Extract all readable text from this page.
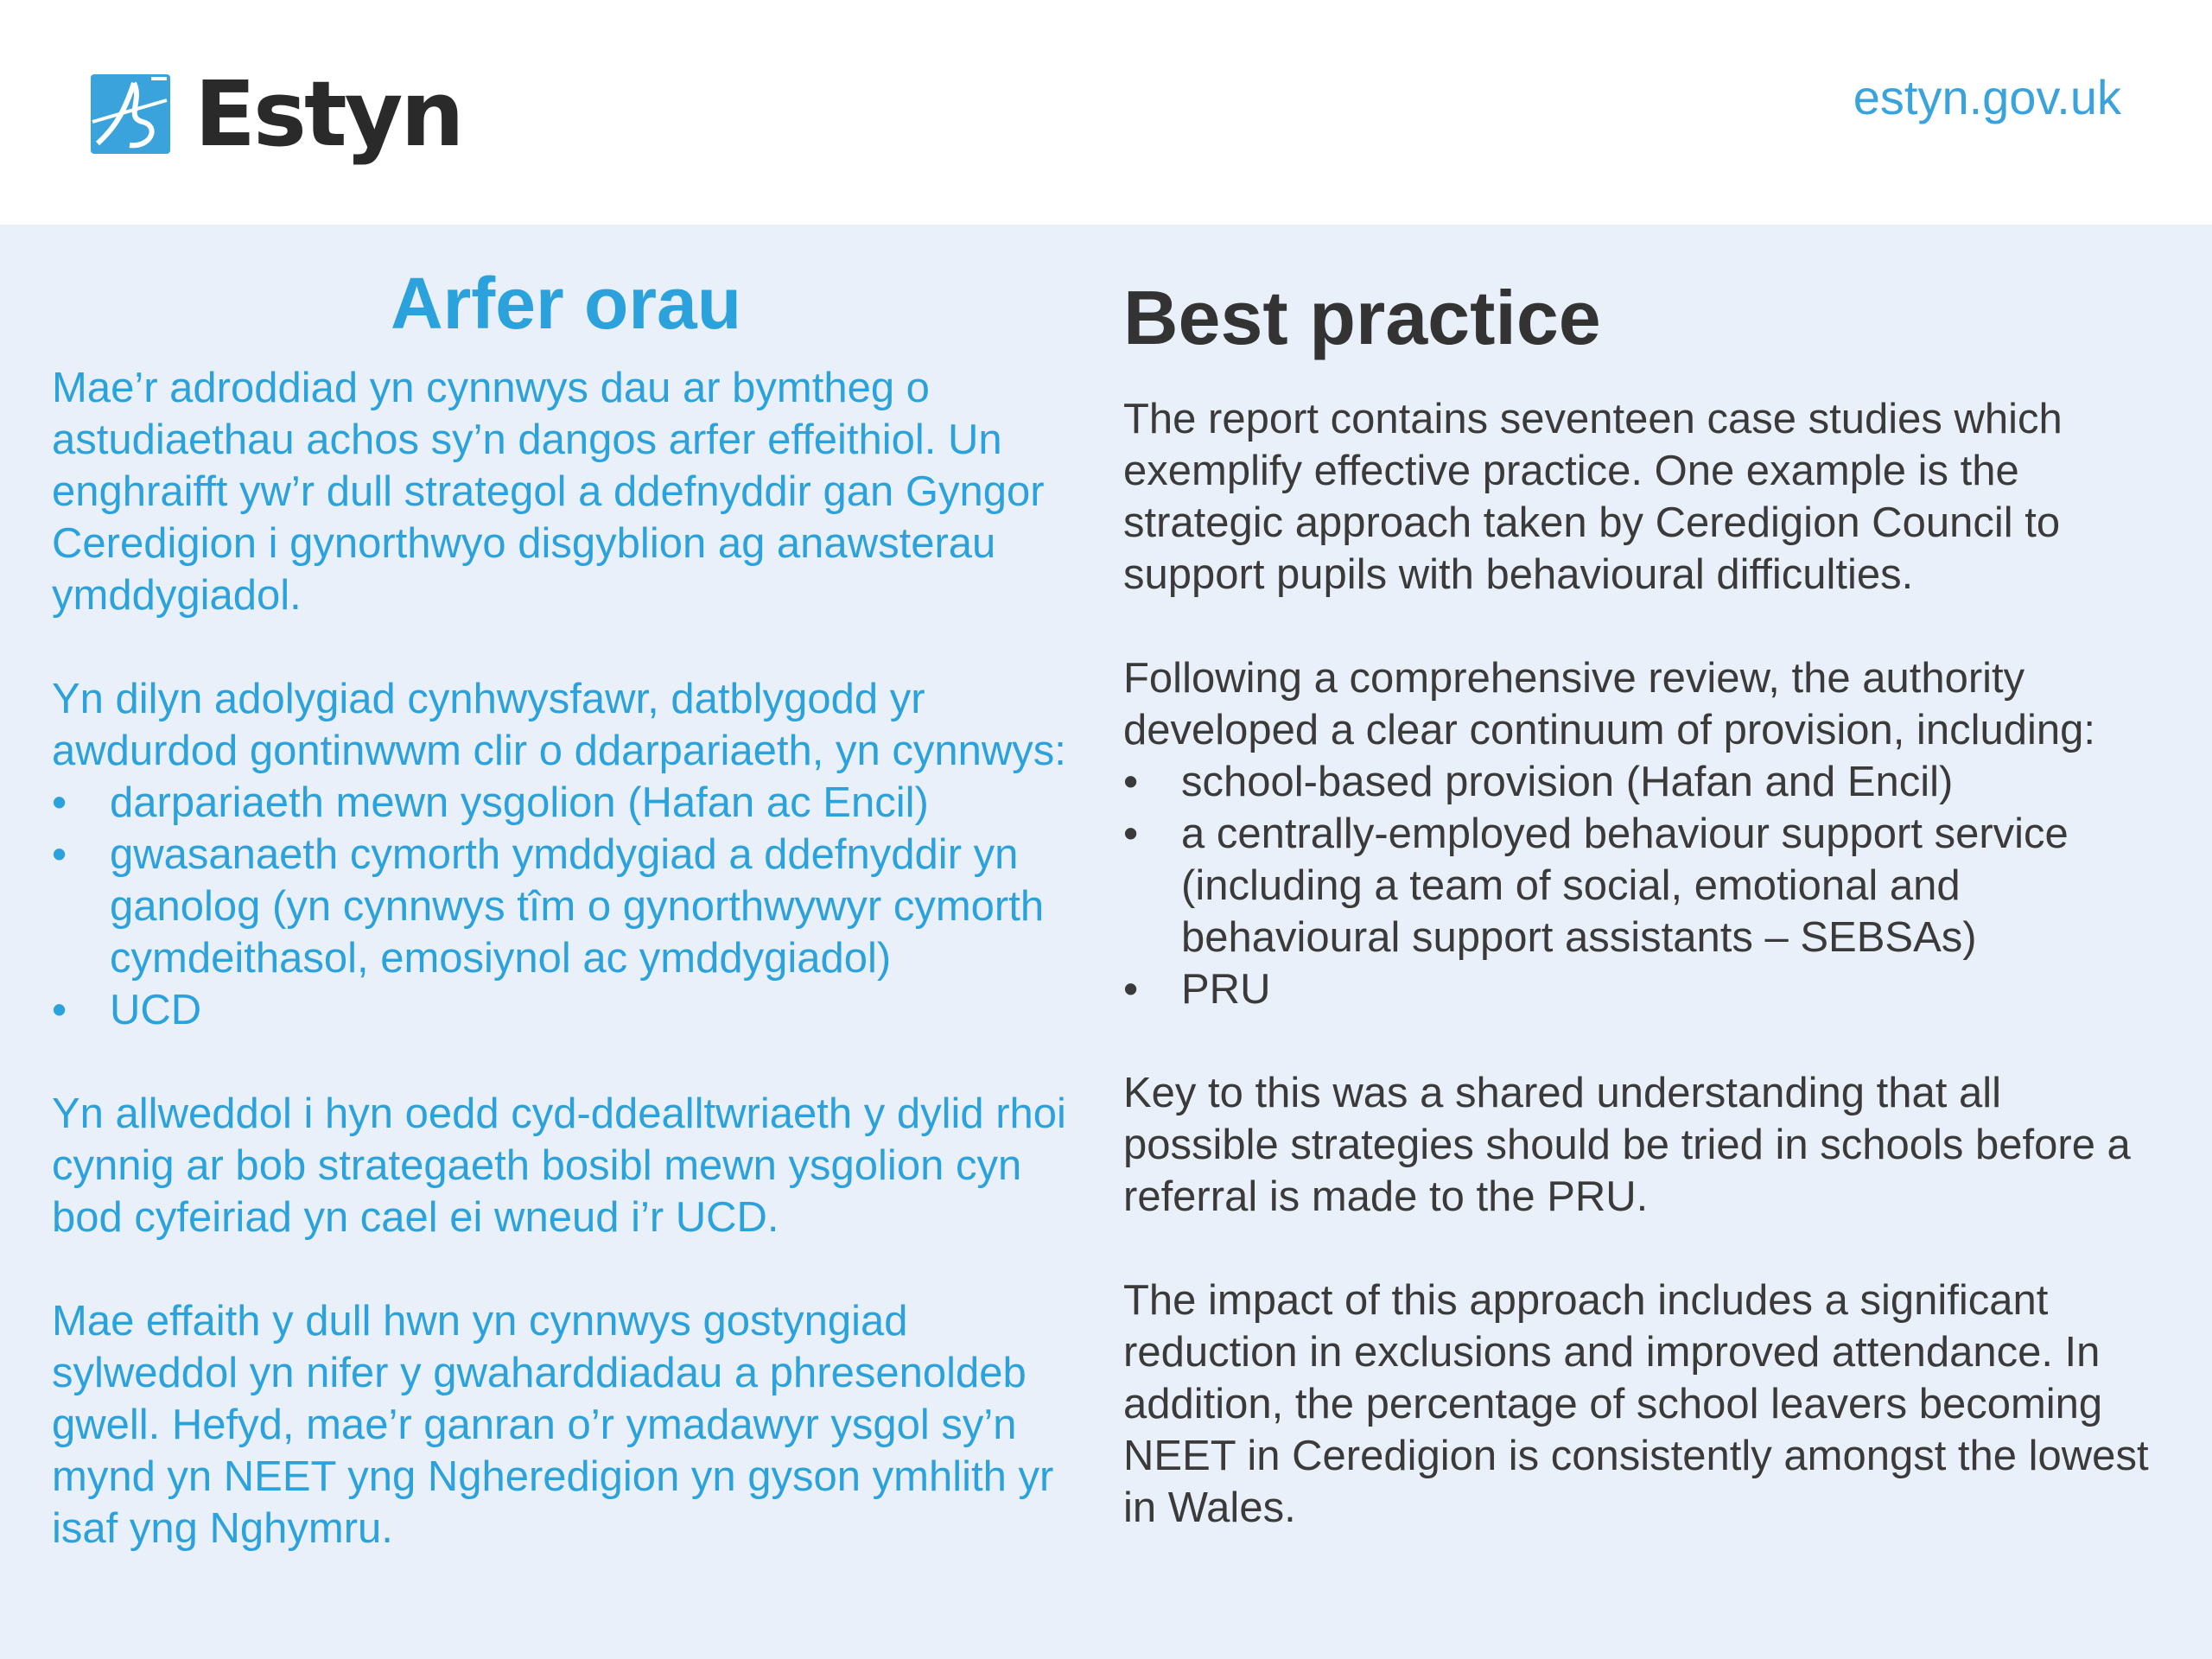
Estyn	estyn.gov.uk
Arfer orau

Mae’r adroddiad yn cynnwys dau ar bymtheg o astudiaethau achos sy’n dangos arfer effeithiol. Un enghraifft yw’r dull strategol a ddefnyddir gan Gyngor Ceredigion i gynorthwyo disgyblion ag anawsterau ymddygiadol.

Yn dilyn adolygiad cynhwysfawr, datblygodd yr awdurdod gontinwwm clir o ddarpariaeth, yn cynnwys:

• darpariaeth mewn ysgolion (Hafan ac Encil)
• gwasanaeth cymorth ymddygiad a ddefnyddir yn ganolog (yn cynnwys tîm o gynorthwywyr cymorth cymdeithasol, emosiynol ac ymddygiadol)
• UCD

Yn allweddol i hyn oedd cyd-ddealltwriaeth y dylid rhoi cynnig ar bob strategaeth bosibl mewn ysgolion cyn bod cyfeiriad yn cael ei wneud i’r UCD.

Mae effaith y dull hwn yn cynnwys gostyngiad sylweddol yn nifer y gwaharddiadau a phresenoldeb gwell. Hefyd, mae’r ganran o’r ymadawyr ysgol sy’n mynd yn NEET yng Ngheredigion yn gyson ymhlith yr isaf yng Nghymru.

Best practice

The report contains seventeen case studies which exemplify effective practice. One example is the strategic approach taken by Ceredigion Council to support pupils with behavioural difficulties.

Following a comprehensive review, the authority developed a clear continuum of provision, including:

• school-based provision (Hafan and Encil)
• a centrally-employed behaviour support service (including a team of social, emotional and behavioural support assistants – SEBSAs)
• PRU

Key to this was a shared understanding that all possible strategies should be tried in schools before a referral is made to the PRU.

The impact of this approach includes a significant reduction in exclusions and improved attendance. In addition, the percentage of school leavers becoming NEET in Ceredigion is consistently amongst the lowest in Wales.
